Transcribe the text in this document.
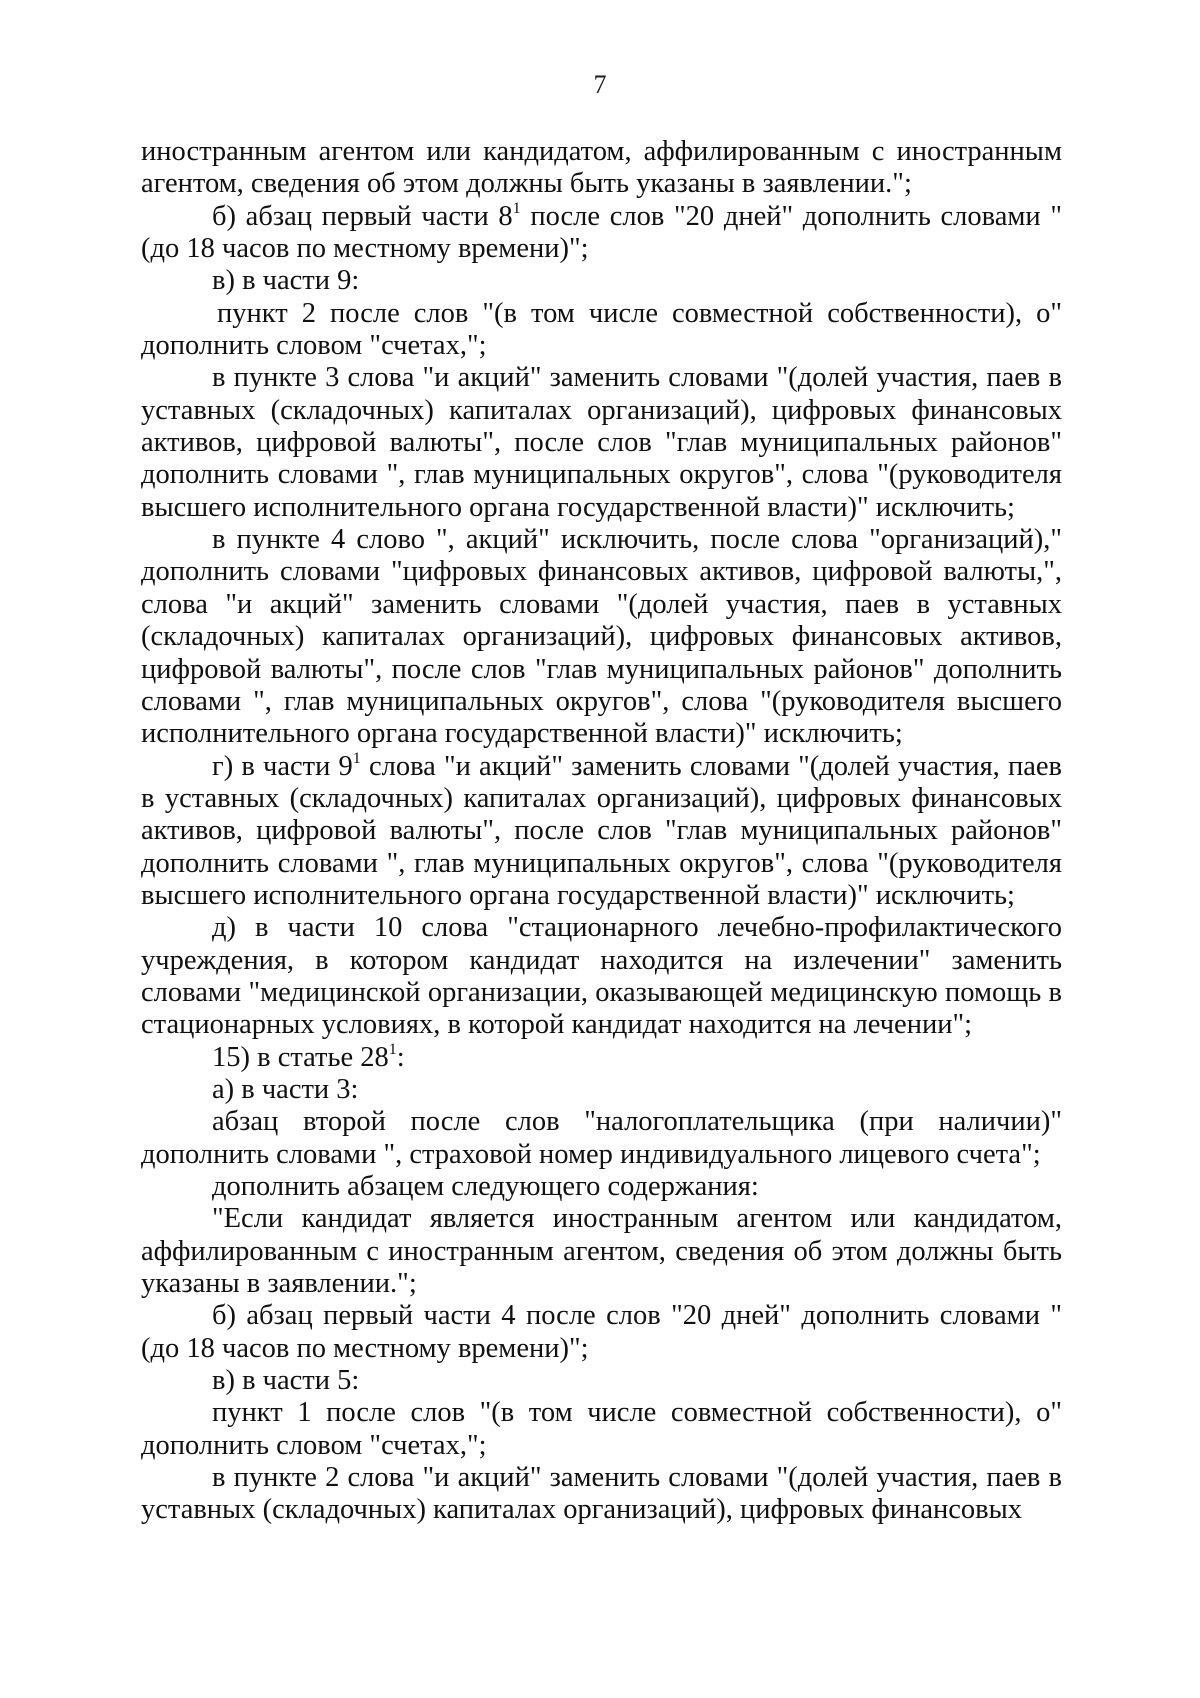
7

иностранным агентом или кандидатом, аффилированным с иностранным агентом, сведения об этом должны быть указаны в заявлении.";

б) абзац первый части $8^1$ после слов "20 дней" дополнить словами "(до 18 часов по местному времени)";

в) в части 9:

пункт 2 после слов "(в том числе совместной собственности), о" дополнить словом "счетах,";

в пункте 3 слова "и акций" заменить словами "(долей участия, паев в уставных (складочных) капиталах организаций), цифровых финансовых активов, цифровой валюты", после слов "глав муниципальных районов" дополнить словами ", глав муниципальных округов", слова "(руководителя высшего исполнительного органа государственной власти)" исключить;

в пункте 4 слово ", акций" исключить, после слова "организаций)," дополнить словами "цифровых финансовых активов, цифровой валюты,", слова "и акций" заменить словами "(долей участия, паев в уставных (складочных) капиталах организаций), цифровых финансовых активов, цифровой валюты", после слов "глав муниципальных районов" дополнить словами ", глав муниципальных округов", слова "(руководителя высшего исполнительного органа государственной власти)" исключить;

г) в части $9^1$ слова "и акций" заменить словами "(долей участия, паев в уставных (складочных) капиталах организаций), цифровых финансовых активов, цифровой валюты", после слов "глав муниципальных районов" дополнить словами ", глав муниципальных округов", слова "(руководителя высшего исполнительного органа государственной власти)" исключить;

д) в части 10 слова "стационарного лечебно-профилактического учреждения, в котором кандидат находится на излечении" заменить словами "медицинской организации, оказывающей медицинскую помощь в стационарных условиях, в которой кандидат находится на лечении";

15) в статье $28^1$:

а) в части 3:

абзац второй после слов "налогоплательщика (при наличии)" дополнить словами ", страховой номер индивидуального лицевого счета";

дополнить абзацем следующего содержания:

"Если кандидат является иностранным агентом или кандидатом, аффилированным с иностранным агентом, сведения об этом должны быть указаны в заявлении.";

б) абзац первый части 4 после слов "20 дней" дополнить словами "(до 18 часов по местному времени)";

в) в части 5:

пункт 1 после слов "(в том числе совместной собственности), о" дополнить словом "счетах,";

в пункте 2 слова "и акций" заменить словами "(долей участия, паев в уставных (складочных) капиталах организаций), цифровых финансовых
